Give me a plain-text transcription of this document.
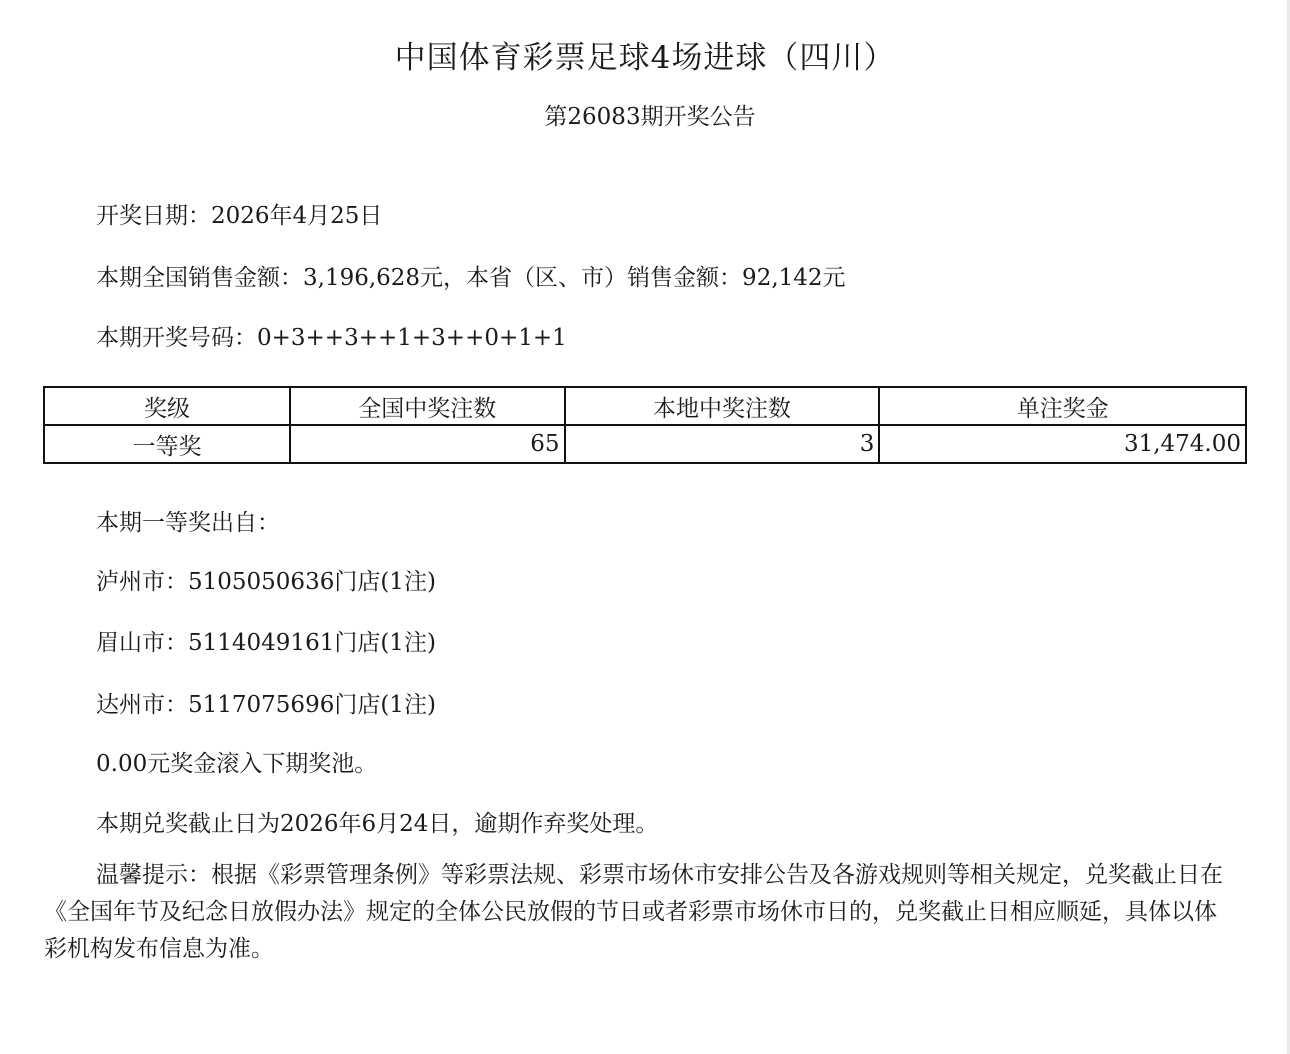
中国体育彩票足球4场进球（四川）
第26083期开奖公告
开奖日期：2026年4月25日
本期全国销售金额：3,196,628元，本省（区、市）销售金额：92,142元
本期开奖号码：0+3++3++1+3++0+1+1
奖级	全国中奖注数	本地中奖注数	单注奖金
一等奖	65	3	31,474.00
本期一等奖出自：
泸州市：5105050636门店(1注)
眉山市：5114049161门店(1注)
达州市：5117075696门店(1注)
0.00元奖金滚入下期奖池。
本期兑奖截止日为2026年6月24日，逾期作弃奖处理。
温馨提示：根据《彩票管理条例》等彩票法规、彩票市场休市安排公告及各游戏规则等相关规定，兑奖截止日在《全国年节及纪念日放假办法》规定的全体公民放假的节日或者彩票市场休市日的，兑奖截止日相应顺延，具体以体彩机构发布信息为准。
